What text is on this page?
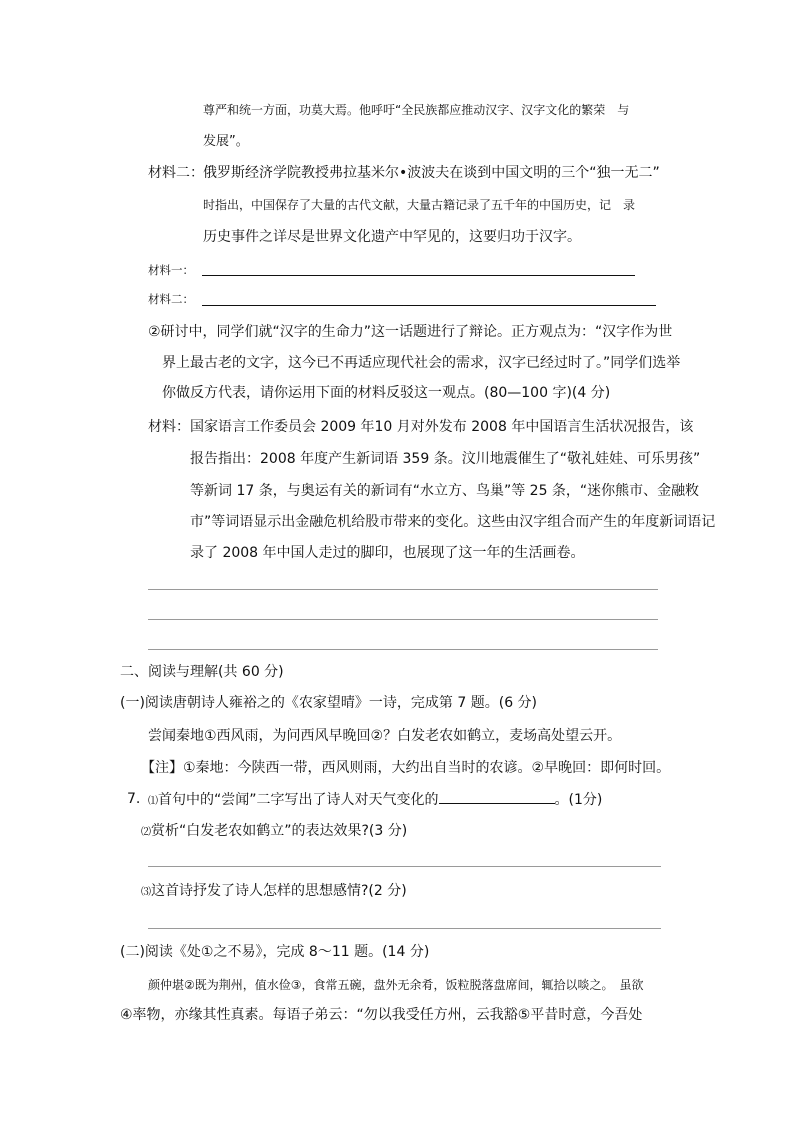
尊严和统一方面，功莫大焉。他呼吁“全民族都应推动汉字、汉字文化的繁荣　与
发展”。
材料二： 俄罗斯经济学院教授弗拉基米尔•波波夫在谈到中国文明的三个“独一无二”
时指出，中国保存了大量的古代文献，大量古籍记录了五千年的中国历史，记　录
历史事件之详尽是世界文化遗产中罕见的，这要归功于汉字。
材料一：
材料二：
②研讨中，同学们就“汉字的生命力”这一话题进行了辩论。正方观点为：“汉字作为世
界上最古老的文字，这今已不再适应现代社会的需求，汉字已经过时了。”同学们选举
你做反方代表，请你运用下面的材料反驳这一观点。(80—100 字)(4 分)
材料： 国家语言工作委员会 2009 年10 月对外发布 2008 年中国语言生活状况报告，该
报告指出：2008 年度产生新词语 359 条。汶川地震催生了“敬礼娃娃、可乐男孩”
等新词 17 条，与奥运有关的新词有“水立方、鸟巢”等 25 条，“迷你熊市、金融敉
市”等词语显示出金融危机给股市带来的变化。这些由汉字组合而产生的年度新词语记
录了 2008 年中国人走过的脚印，也展现了这一年的生活画卷。
二、阅读与理解(共 60 分)
(一)阅读唐朝诗人雍裕之的《农家望晴》一诗，完成第 7 题。(6 分)
尝闻秦地①西风雨，为问西风早晚回②？白发老农如鹤立，麦场高处望云开。
【注】①秦地：今陕西一带，西风则雨，大约出自当时的农谚。②早晚回：即何时回。
7. ⑴首句中的“尝闻”二字写出了诗人对天气变化的	。(1分)
⑵赏析“白发老农如鹤立”的表达效果?(3 分)
⑶这首诗抒发了诗人怎样的思想感情?(2 分)
(二)阅读《处①之不易》，完成 8～11 题。(14 分)
颜仲堪②既为荆州，值水俭③，食常五碗，盘外无余肴，饭粒脱落盘席间，辄拾以啖之。　虽欲
④率物，亦缘其性真素。每语子弟云：“勿以我受任方州，云我豁⑤平昔时意，今吾处
